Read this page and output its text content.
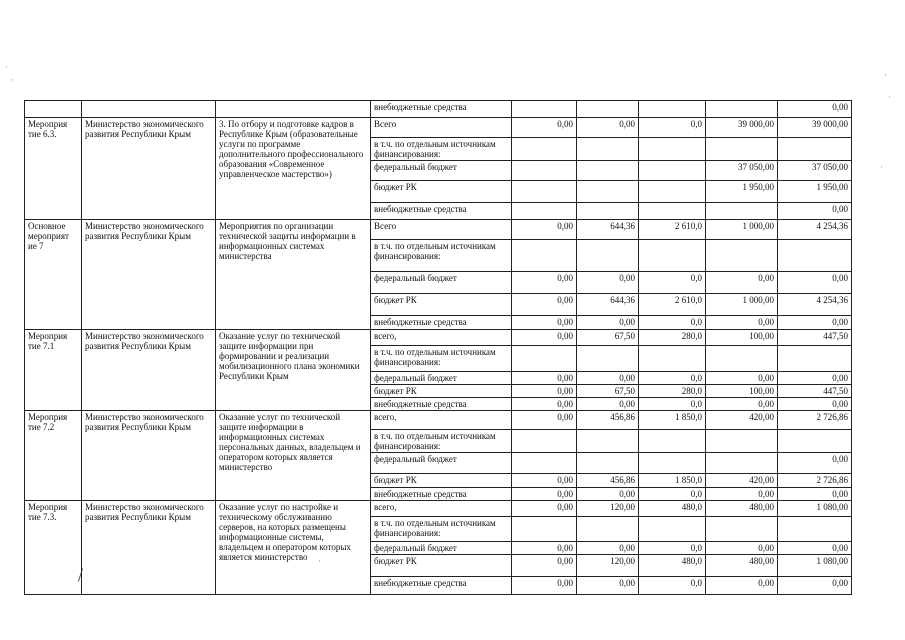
·
·	·
·
·
·
			внебюджетные средства					0,00
Мероприя тие 6.3.	Министерство экономического развития Республики Крым	3. По отбору и подготовке кадров в Республике Крым (образовательные услуги по программе дополнительного профессионального образования «Современное управленческое мастерство»)	Всего	0,00	0,00	0,0	39 000,00	39 000,00
			в т.ч. по отдельным источникам финансирования:					
			федеральный бюджет				37 050,00	37 050,00
			бюджет РК				1 950,00	1 950,00
			внебюджетные средства					0,00
Основное мероприят ие 7	Министерство экономического развития Республики Крым	Мероприятия по организации технической защиты информации в информационных системах министерства	Всего	0,00	644,36	2 610,0	1 000,00	4 254,36
			в т.ч. по отдельным источникам финансирования:					
			федеральный бюджет	0,00	0,00	0,0	0,00	0,00
			бюджет РК	0,00	644,36	2 610,0	1 000,00	4 254,36
			внебюджетные средства	0,00	0,00	0,0	0,00	0,00
Мероприя тие 7.1	Министерство экономического развития Республики Крым	Оказание услуг по технической защите информации при формировании и реализации мобилизационного плана экономики Республики Крым	всего,	0,00	67,50	280,0	100,00	447,50
			в т.ч. по отдельным источникам финансирования:					
			федеральный бюджет	0,00	0,00	0,0	0,00	0,00
			бюджет РК	0,00	67,50	280,0	100,00	447,50
			внебюджетные средства	0,00	0,00	0,0	0,00	0,00
Мероприя тие 7.2	Министерство экономического развития Республики Крым	Оказание услуг по технической защите информации в информационных системах персональных данных, владельцем и оператором которых является министерство	всего,	0,00	456,86	1 850,0	420,00	2 726,86
			в т.ч. по отдельным источникам финансирования:					
			федеральный бюджет					0,00
			бюджет РК	0,00	456,86	1 850,0	420,00	2 726,86
			внебюджетные средства	0,00	0,00	0,0	0,00	0,00
Мероприя тие 7.3.	Министерство экономического развития Республики Крым	Оказание услуг по настройке и техническому обслуживанию серверов, на которых размещены информационные системы, владельцем и оператором которых является министерство	всего,	0,00	120,00	480,0	480,00	1 080,00
			в т.ч. по отдельным источникам финансирования:					
			федеральный бюджет	0,00	0,00	0,0	0,00	0,00
			бюджет РК	0,00	120,00	480,0	480,00	1 080,00
			внебюджетные средства	0,00	0,00	0,0	0,00	0,00
